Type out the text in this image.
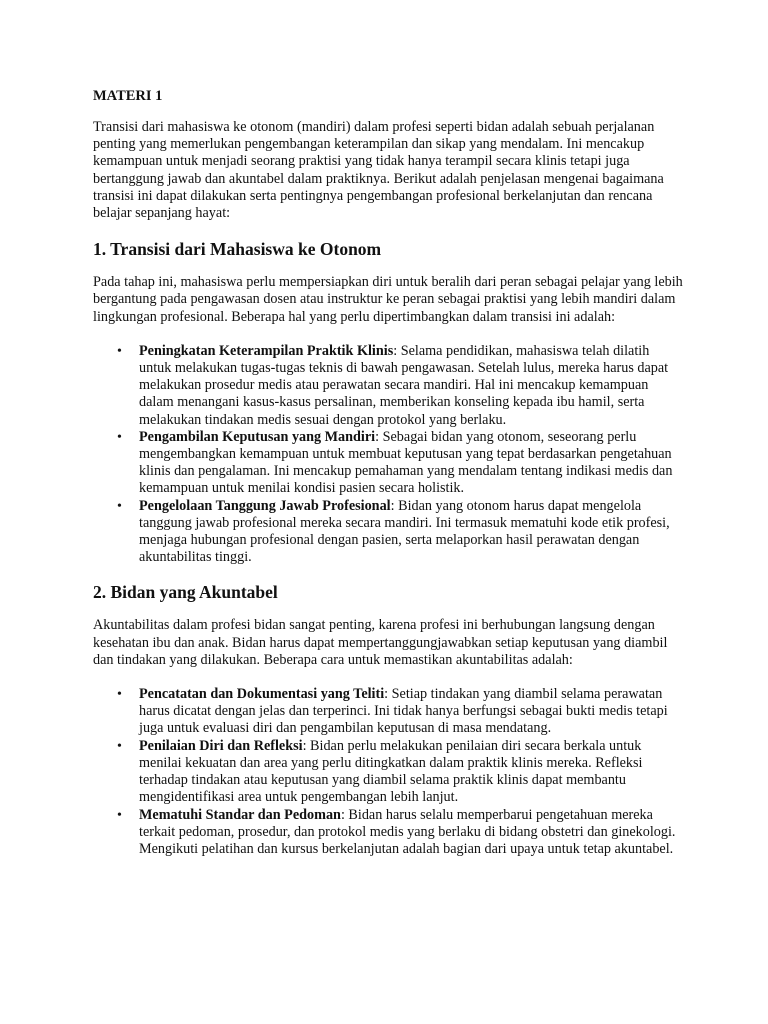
MATERI 1

Transisi dari mahasiswa ke otonom (mandiri) dalam profesi seperti bidan adalah sebuah perjalanan penting yang memerlukan pengembangan keterampilan dan sikap yang mendalam. Ini mencakup kemampuan untuk menjadi seorang praktisi yang tidak hanya terampil secara klinis tetapi juga bertanggung jawab dan akuntabel dalam praktiknya. Berikut adalah penjelasan mengenai bagaimana transisi ini dapat dilakukan serta pentingnya pengembangan profesional berkelanjutan dan rencana belajar sepanjang hayat:

1. Transisi dari Mahasiswa ke Otonom

Pada tahap ini, mahasiswa perlu mempersiapkan diri untuk beralih dari peran sebagai pelajar yang lebih bergantung pada pengawasan dosen atau instruktur ke peran sebagai praktisi yang lebih mandiri dalam lingkungan profesional. Beberapa hal yang perlu dipertimbangkan dalam transisi ini adalah:

• Peningkatan Keterampilan Praktik Klinis: Selama pendidikan, mahasiswa telah dilatih untuk melakukan tugas-tugas teknis di bawah pengawasan. Setelah lulus, mereka harus dapat melakukan prosedur medis atau perawatan secara mandiri. Hal ini mencakup kemampuan dalam menangani kasus-kasus persalinan, memberikan konseling kepada ibu hamil, serta melakukan tindakan medis sesuai dengan protokol yang berlaku.
• Pengambilan Keputusan yang Mandiri: Sebagai bidan yang otonom, seseorang perlu mengembangkan kemampuan untuk membuat keputusan yang tepat berdasarkan pengetahuan klinis dan pengalaman. Ini mencakup pemahaman yang mendalam tentang indikasi medis dan kemampuan untuk menilai kondisi pasien secara holistik.
• Pengelolaan Tanggung Jawab Profesional: Bidan yang otonom harus dapat mengelola tanggung jawab profesional mereka secara mandiri. Ini termasuk mematuhi kode etik profesi, menjaga hubungan profesional dengan pasien, serta melaporkan hasil perawatan dengan akuntabilitas tinggi.
2. Bidan yang Akuntabel

Akuntabilitas dalam profesi bidan sangat penting, karena profesi ini berhubungan langsung dengan kesehatan ibu dan anak. Bidan harus dapat mempertanggungjawabkan setiap keputusan yang diambil dan tindakan yang dilakukan. Beberapa cara untuk memastikan akuntabilitas adalah:

• Pencatatan dan Dokumentasi yang Teliti: Setiap tindakan yang diambil selama perawatan harus dicatat dengan jelas dan terperinci. Ini tidak hanya berfungsi sebagai bukti medis tetapi juga untuk evaluasi diri dan pengambilan keputusan di masa mendatang.
• Penilaian Diri dan Refleksi: Bidan perlu melakukan penilaian diri secara berkala untuk menilai kekuatan dan area yang perlu ditingkatkan dalam praktik klinis mereka. Refleksi terhadap tindakan atau keputusan yang diambil selama praktik klinis dapat membantu mengidentifikasi area untuk pengembangan lebih lanjut.
• Mematuhi Standar dan Pedoman: Bidan harus selalu memperbarui pengetahuan mereka terkait pedoman, prosedur, dan protokol medis yang berlaku di bidang obstetri dan ginekologi. Mengikuti pelatihan dan kursus berkelanjutan adalah bagian dari upaya untuk tetap akuntabel.
